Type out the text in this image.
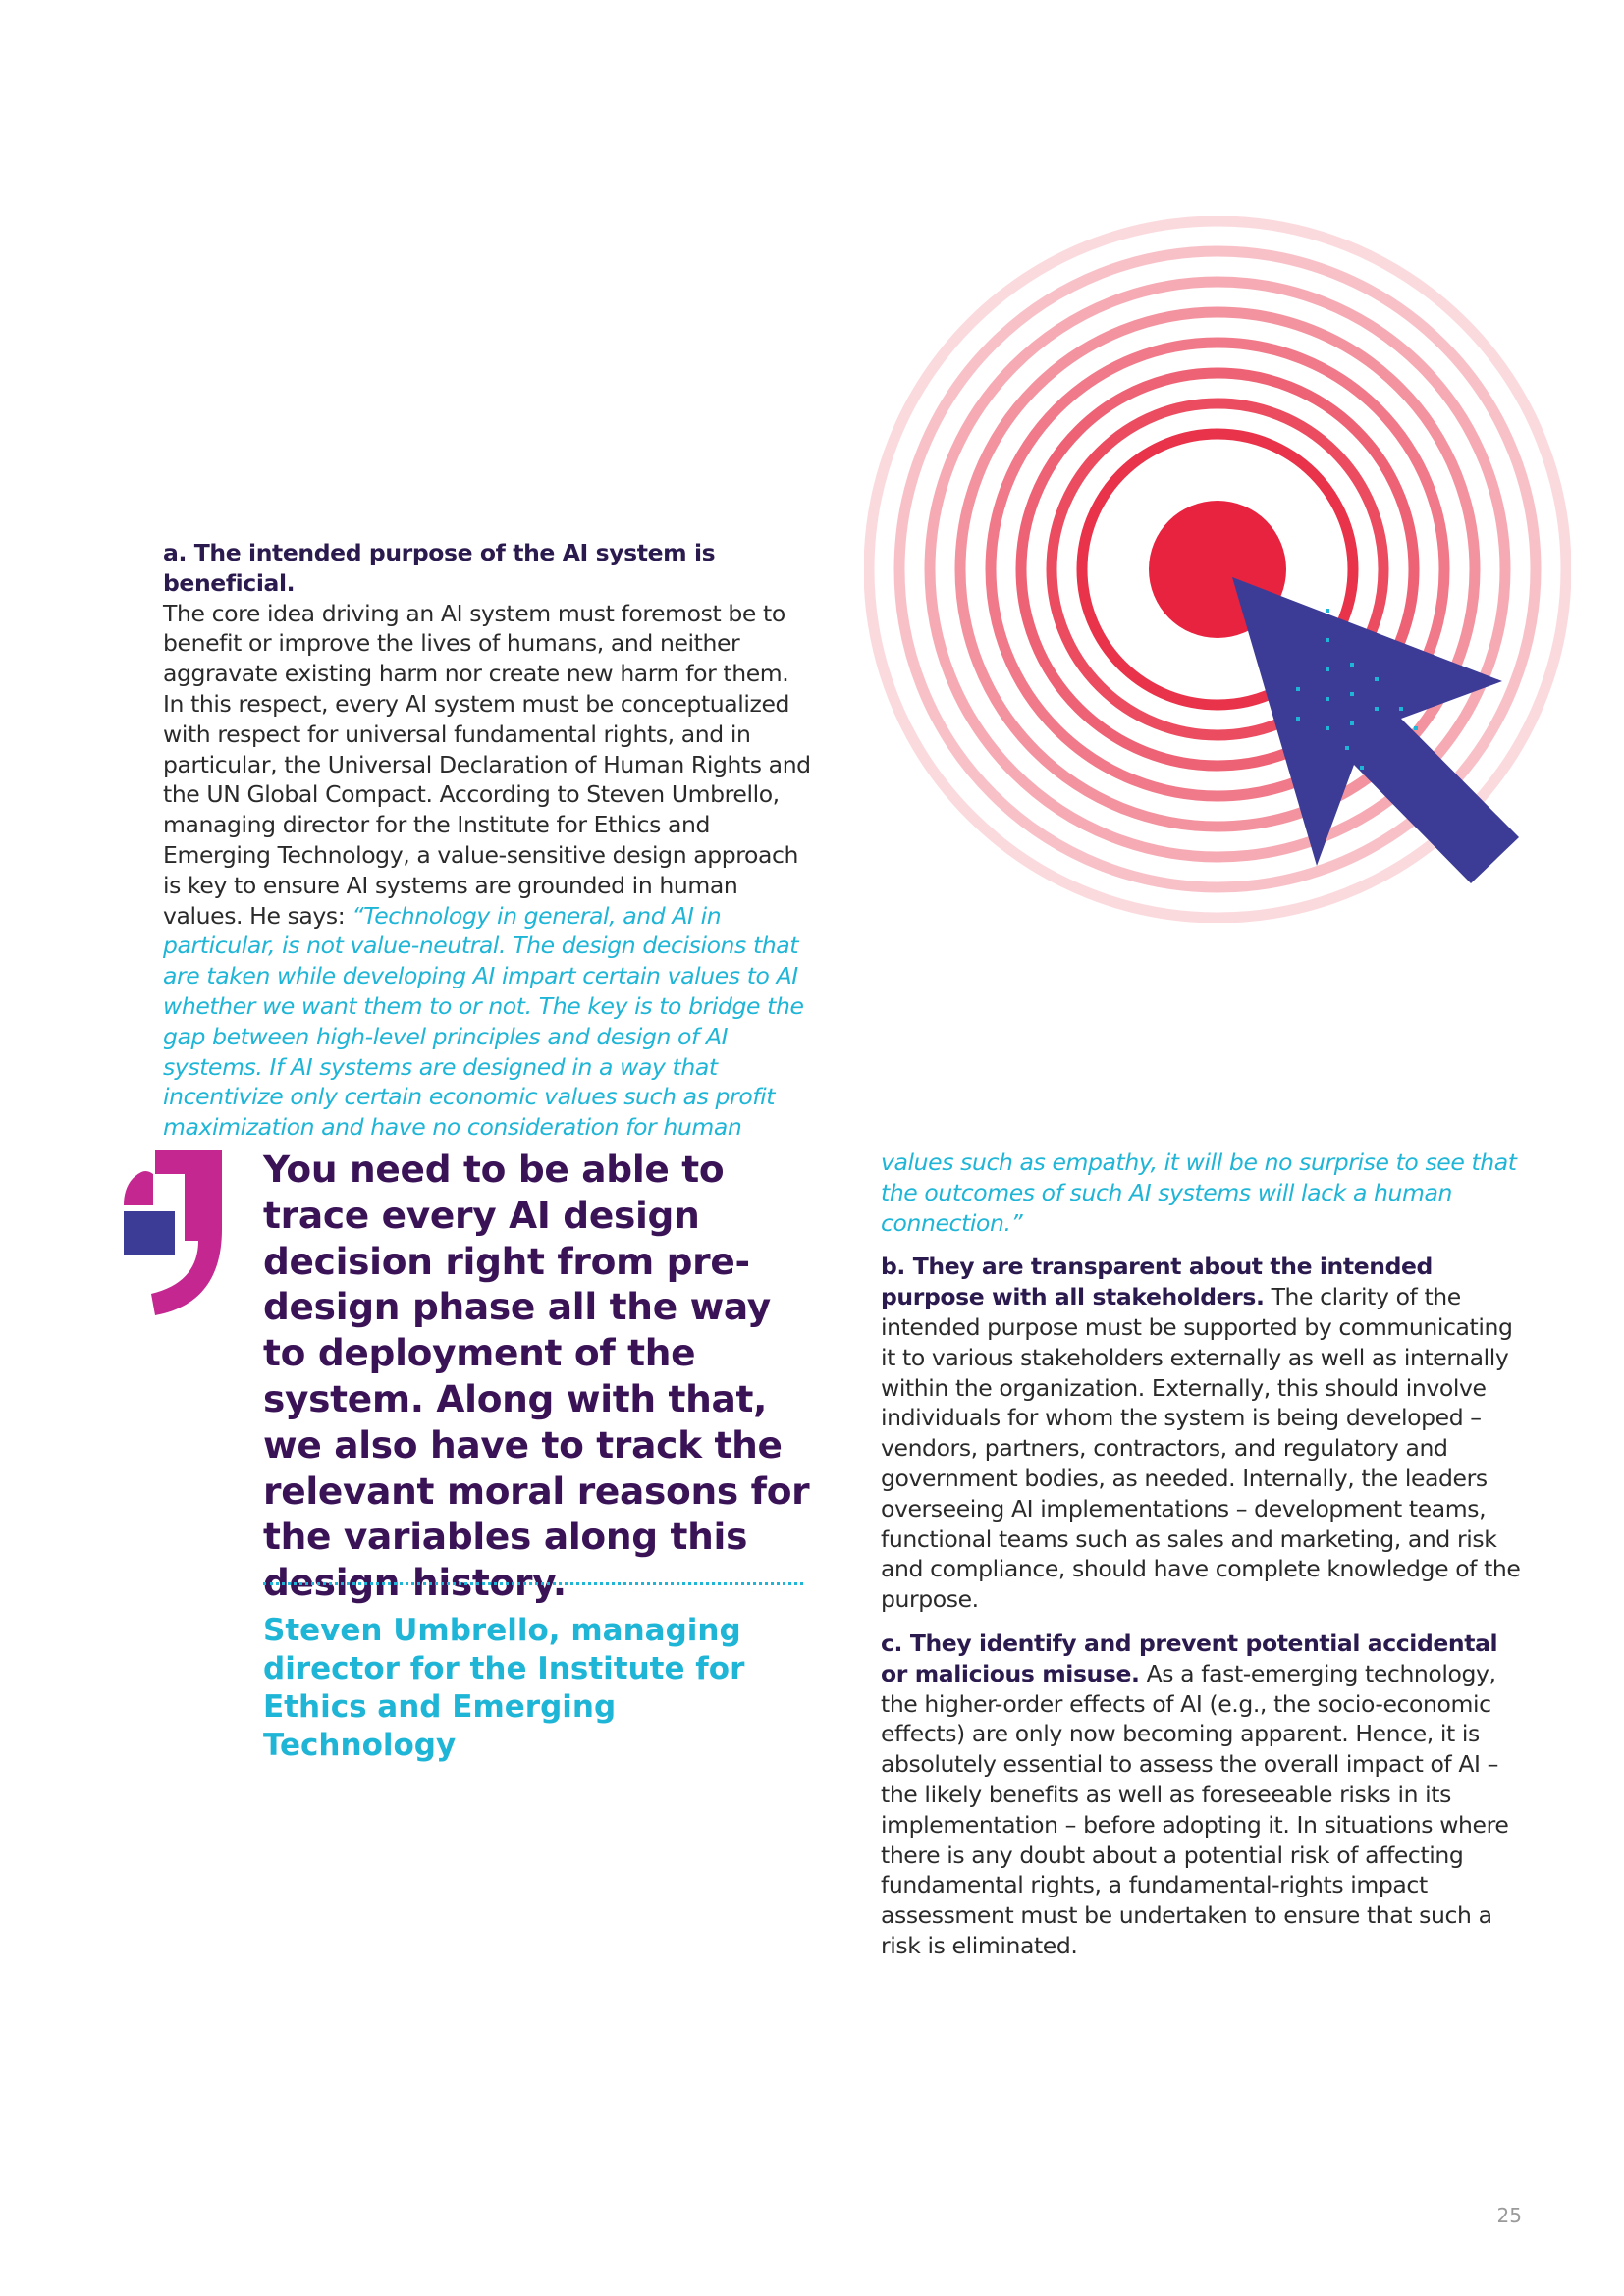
a. The intended purpose of the AI system is beneficial.
The core idea driving an AI system must foremost be to benefit or improve the lives of humans, and neither aggravate existing harm nor create new harm for them. In this respect, every AI system must be conceptualized with respect for universal fundamental rights, and in particular, the Universal Declaration of Human Rights and the UN Global Compact. According to Steven Umbrello, managing director for the Institute for Ethics and Emerging Technology, a value-sensitive design approach is key to ensure AI systems are grounded in human values. He says: “Technology in general, and AI in particular, is not value-neutral. The design decisions that are taken while developing AI impart certain values to AI whether we want them to or not. The key is to bridge the gap between high-level principles and design of AI systems. If AI systems are designed in a way that incentivize only certain economic values such as profit maximization and have no consideration for human

You need to be able to trace every AI design decision right from pre-design phase all the way to deployment of the system. Along with that, we also have to track the relevant moral reasons for the variables along this design history.

Steven Umbrello, managing director for the Institute for Ethics and Emerging Technology

values such as empathy, it will be no surprise to see that the outcomes of such AI systems will lack a human connection.”

b. They are transparent about the intended purpose with all stakeholders. The clarity of the intended purpose must be supported by communicating it to various stakeholders externally as well as internally within the organization. Externally, this should involve individuals for whom the system is being developed – vendors, partners, contractors, and regulatory and government bodies, as needed. Internally, the leaders overseeing AI implementations – development teams, functional teams such as sales and marketing, and risk and compliance, should have complete knowledge of the purpose.

c. They identify and prevent potential accidental or malicious misuse. As a fast-emerging technology, the higher-order effects of AI (e.g., the socio-economic effects) are only now becoming apparent. Hence, it is absolutely essential to assess the overall impact of AI – the likely benefits as well as foreseeable risks in its implementation – before adopting it. In situations where there is any doubt about a potential risk of affecting fundamental rights, a fundamental-rights impact assessment must be undertaken to ensure that such a risk is eliminated.

25
